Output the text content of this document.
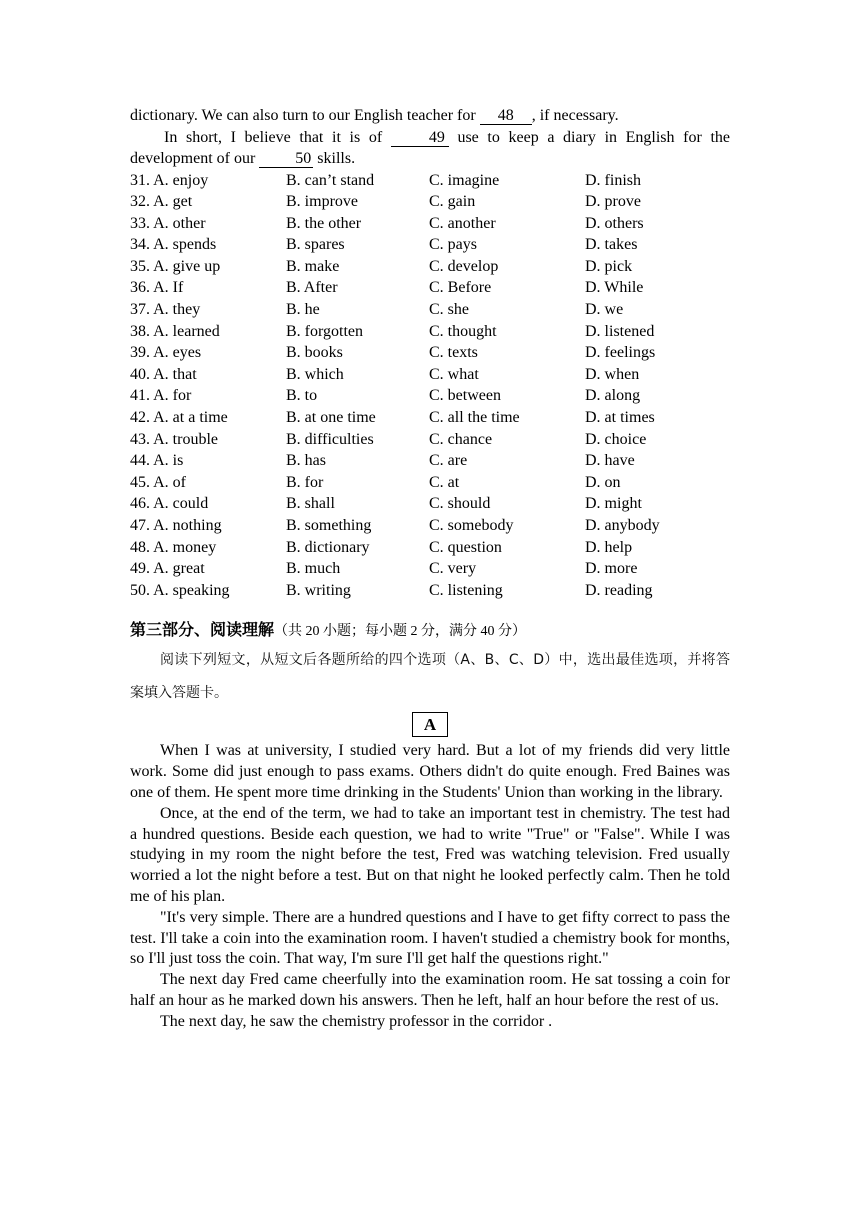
dictionary. We can also turn to our English teacher for 48 , if necessary.
In short, I believe that it is of 49 use to keep a diary in English for the development of our 50 skills.
31. A. enjoy	B. can’t stand	C. imagine	D. finish
32. A. get	B. improve	C. gain	D. prove
33. A. other	B. the other	C. another	D. others
34. A. spends	B. spares	C. pays	D. takes
35. A. give up	B. make	C. develop	D. pick
36. A. If	B. After	C. Before	D. While
37. A. they	B. he	C. she	D. we
38. A. learned	B. forgotten	C. thought	D. listened
39. A. eyes	B. books	C. texts	D. feelings
40. A. that	B. which	C. what	D. when
41. A. for	B. to	C. between	D. along
42. A. at a time	B. at one time	C. all the time	D. at times
43. A. trouble	B. difficulties	C. chance	D. choice
44. A. is	B. has	C. are	D. have
45. A. of	B. for	C. at	D. on
46. A. could	B. shall	C. should	D. might
47. A. nothing	B. something	C. somebody	D. anybody
48. A. money	B. dictionary	C. question	D. help
49. A. great	B. much	C. very	D. more
50. A. speaking	B. writing	C. listening	D. reading
第三部分、阅读理解（共 20 小题；每小题 2 分，满分 40 分）
阅读下列短文，从短文后各题所给的四个选项（A、B、C、D）中，选出最佳选项，并将答案填入答题卡。
A

When I was at university, I studied very hard. But a lot of my friends did very little work. Some did just enough to pass exams. Others didn't do quite enough. Fred Baines was one of them. He spent more time drinking in the Students' Union than working in the library.

Once, at the end of the term, we had to take an important test in chemistry. The test had a hundred questions. Beside each question, we had to write "True" or "False". While I was studying in my room the night before the test, Fred was watching television. Fred usually worried a lot the night before a test. But on that night he looked perfectly calm. Then he told me of his plan.

"It's very simple. There are a hundred questions and I have to get fifty correct to pass the test. I'll take a coin into the examination room. I haven't studied a chemistry book for months, so I'll just toss the coin. That way, I'm sure I'll get half the questions right."

The next day Fred came cheerfully into the examination room. He sat tossing a coin for half an hour as he marked down his answers. Then he left, half an hour before the rest of us.

The next day, he saw the chemistry professor in the corridor .
